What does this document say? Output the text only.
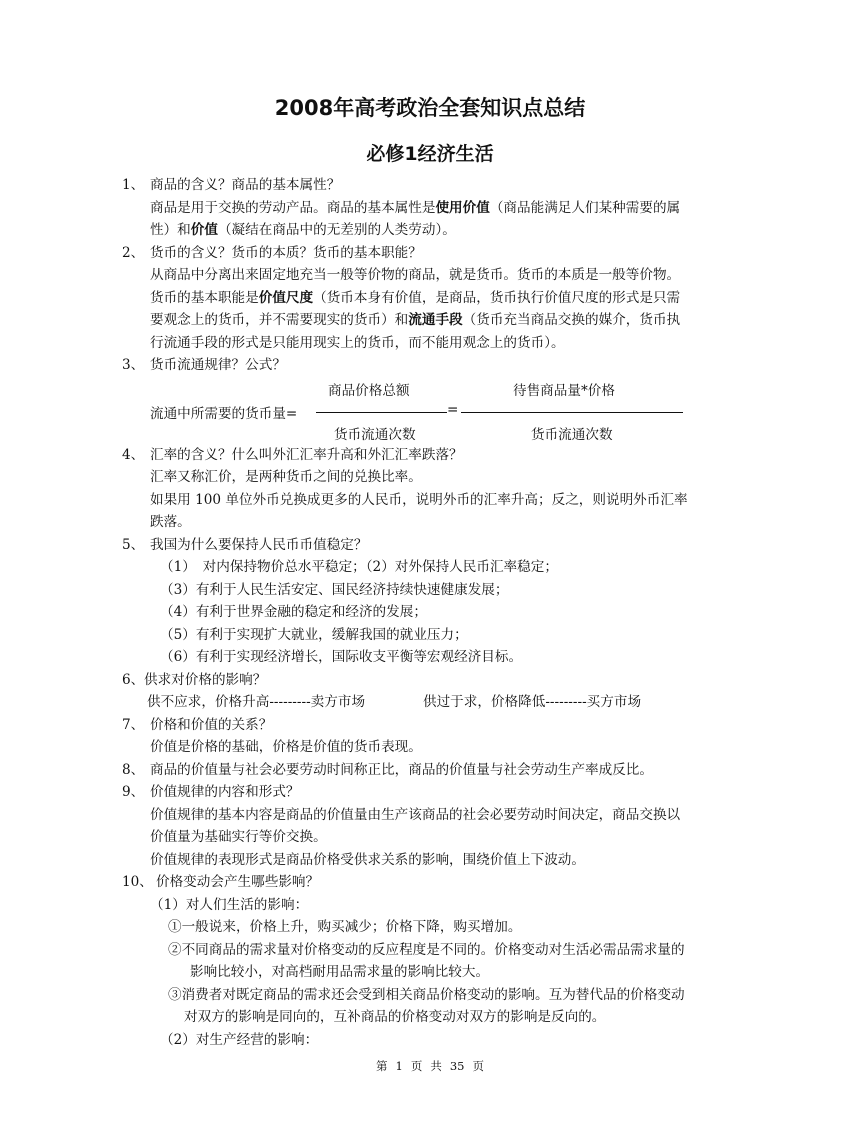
2008年高考政治全套知识点总结
必修1经济生活
1、 商品的含义？商品的基本属性？
商品是用于交换的劳动产品。商品的基本属性是使用价值（商品能满足人们某种需要的属
性）和价值（凝结在商品中的无差别的人类劳动）。
2、 货币的含义？货币的本质？货币的基本职能？
从商品中分离出来固定地充当一般等价物的商品，就是货币。货币的本质是一般等价物。
货币的基本职能是价值尺度（货币本身有价值，是商品，货币执行价值尺度的形式是只需
要观念上的货币，并不需要现实的货币）和流通手段（货币充当商品交换的媒介，货币执
行流通手段的形式是只能用现实上的货币，而不能用观念上的货币）。
3、 货币流通规律？公式？
商品价格总额	待售商品量*价格
流通中所需要的货币量=	=
货币流通次数	货币流通次数
4、 汇率的含义？什么叫外汇汇率升高和外汇汇率跌落？
汇率又称汇价，是两种货币之间的兑换比率。
如果用 100 单位外币兑换成更多的人民币，说明外币的汇率升高；反之，则说明外币汇率
跌落。
5、 我国为什么要保持人民币币值稳定？
（1）　对内保持物价总水平稳定；（2）对外保持人民币汇率稳定；
（3）有利于人民生活安定、国民经济持续快速健康发展；
（4）有利于世界金融的稳定和经济的发展；
（5）有利于实现扩大就业，缓解我国的就业压力；
（6）有利于实现经济增长，国际收支平衡等宏观经济目标。
6、 供求对价格的影响？
供不应求，价格升高---------卖方市场	供过于求，价格降低---------买方市场
7、 价格和价值的关系？
价值是价格的基础，价格是价值的货币表现。
8、 商品的价值量与社会必要劳动时间称正比，商品的价值量与社会劳动生产率成反比。
9、 价值规律的内容和形式？
价值规律的基本内容是商品的价值量由生产该商品的社会必要劳动时间决定，商品交换以
价值量为基础实行等价交换。
价值规律的表现形式是商品价格受供求关系的影响，围绕价值上下波动。
10、 价格变动会产生哪些影响？
（1）对人们生活的影响：
①一般说来，价格上升，购买减少；价格下降，购买增加。
②不同商品的需求量对价格变动的反应程度是不同的。价格变动对生活必需品需求量的
影响比较小，对高档耐用品需求量的影响比较大。
③消费者对既定商品的需求还会受到相关商品价格变动的影响。互为替代品的价格变动
对双方的影响是同向的，互补商品的价格变动对双方的影响是反向的。
（2）对生产经营的影响：
第 1 页 共 35 页
